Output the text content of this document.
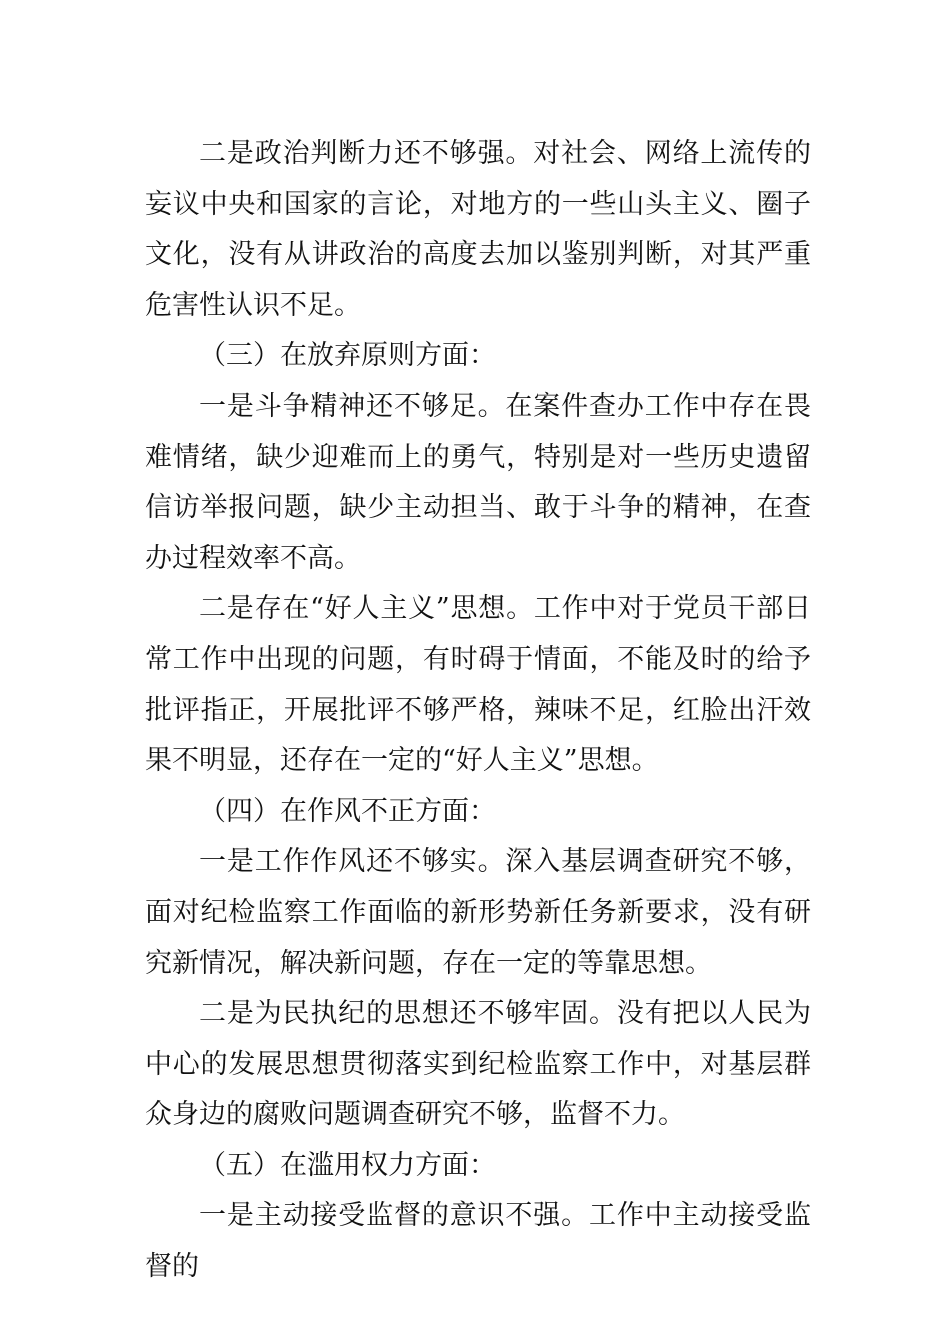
二是政治判断力还不够强。对社会、网络上流传的妄议中央和国家的言论，对地方的一些山头主义、圈子文化，没有从讲政治的高度去加以鉴别判断，对其严重危害性认识不足。

（三）在放弃原则方面：

一是斗争精神还不够足。在案件查办工作中存在畏难情绪，缺少迎难而上的勇气，特别是对一些历史遗留信访举报问题，缺少主动担当、敢于斗争的精神，在查办过程效率不高。

二是存在“好人主义”思想。工作中对于党员干部日常工作中出现的问题，有时碍于情面，不能及时的给予批评指正，开展批评不够严格，辣味不足，红脸出汗效果不明显，还存在一定的“好人主义”思想。

（四）在作风不正方面：

一是工作作风还不够实。深入基层调查研究不够，面对纪检监察工作面临的新形势新任务新要求，没有研究新情况，解决新问题，存在一定的等靠思想。

二是为民执纪的思想还不够牢固。没有把以人民为中心的发展思想贯彻落实到纪检监察工作中，对基层群众身边的腐败问题调查研究不够，监督不力。

（五）在滥用权力方面：

一是主动接受监督的意识不强。工作中主动接受监督的
